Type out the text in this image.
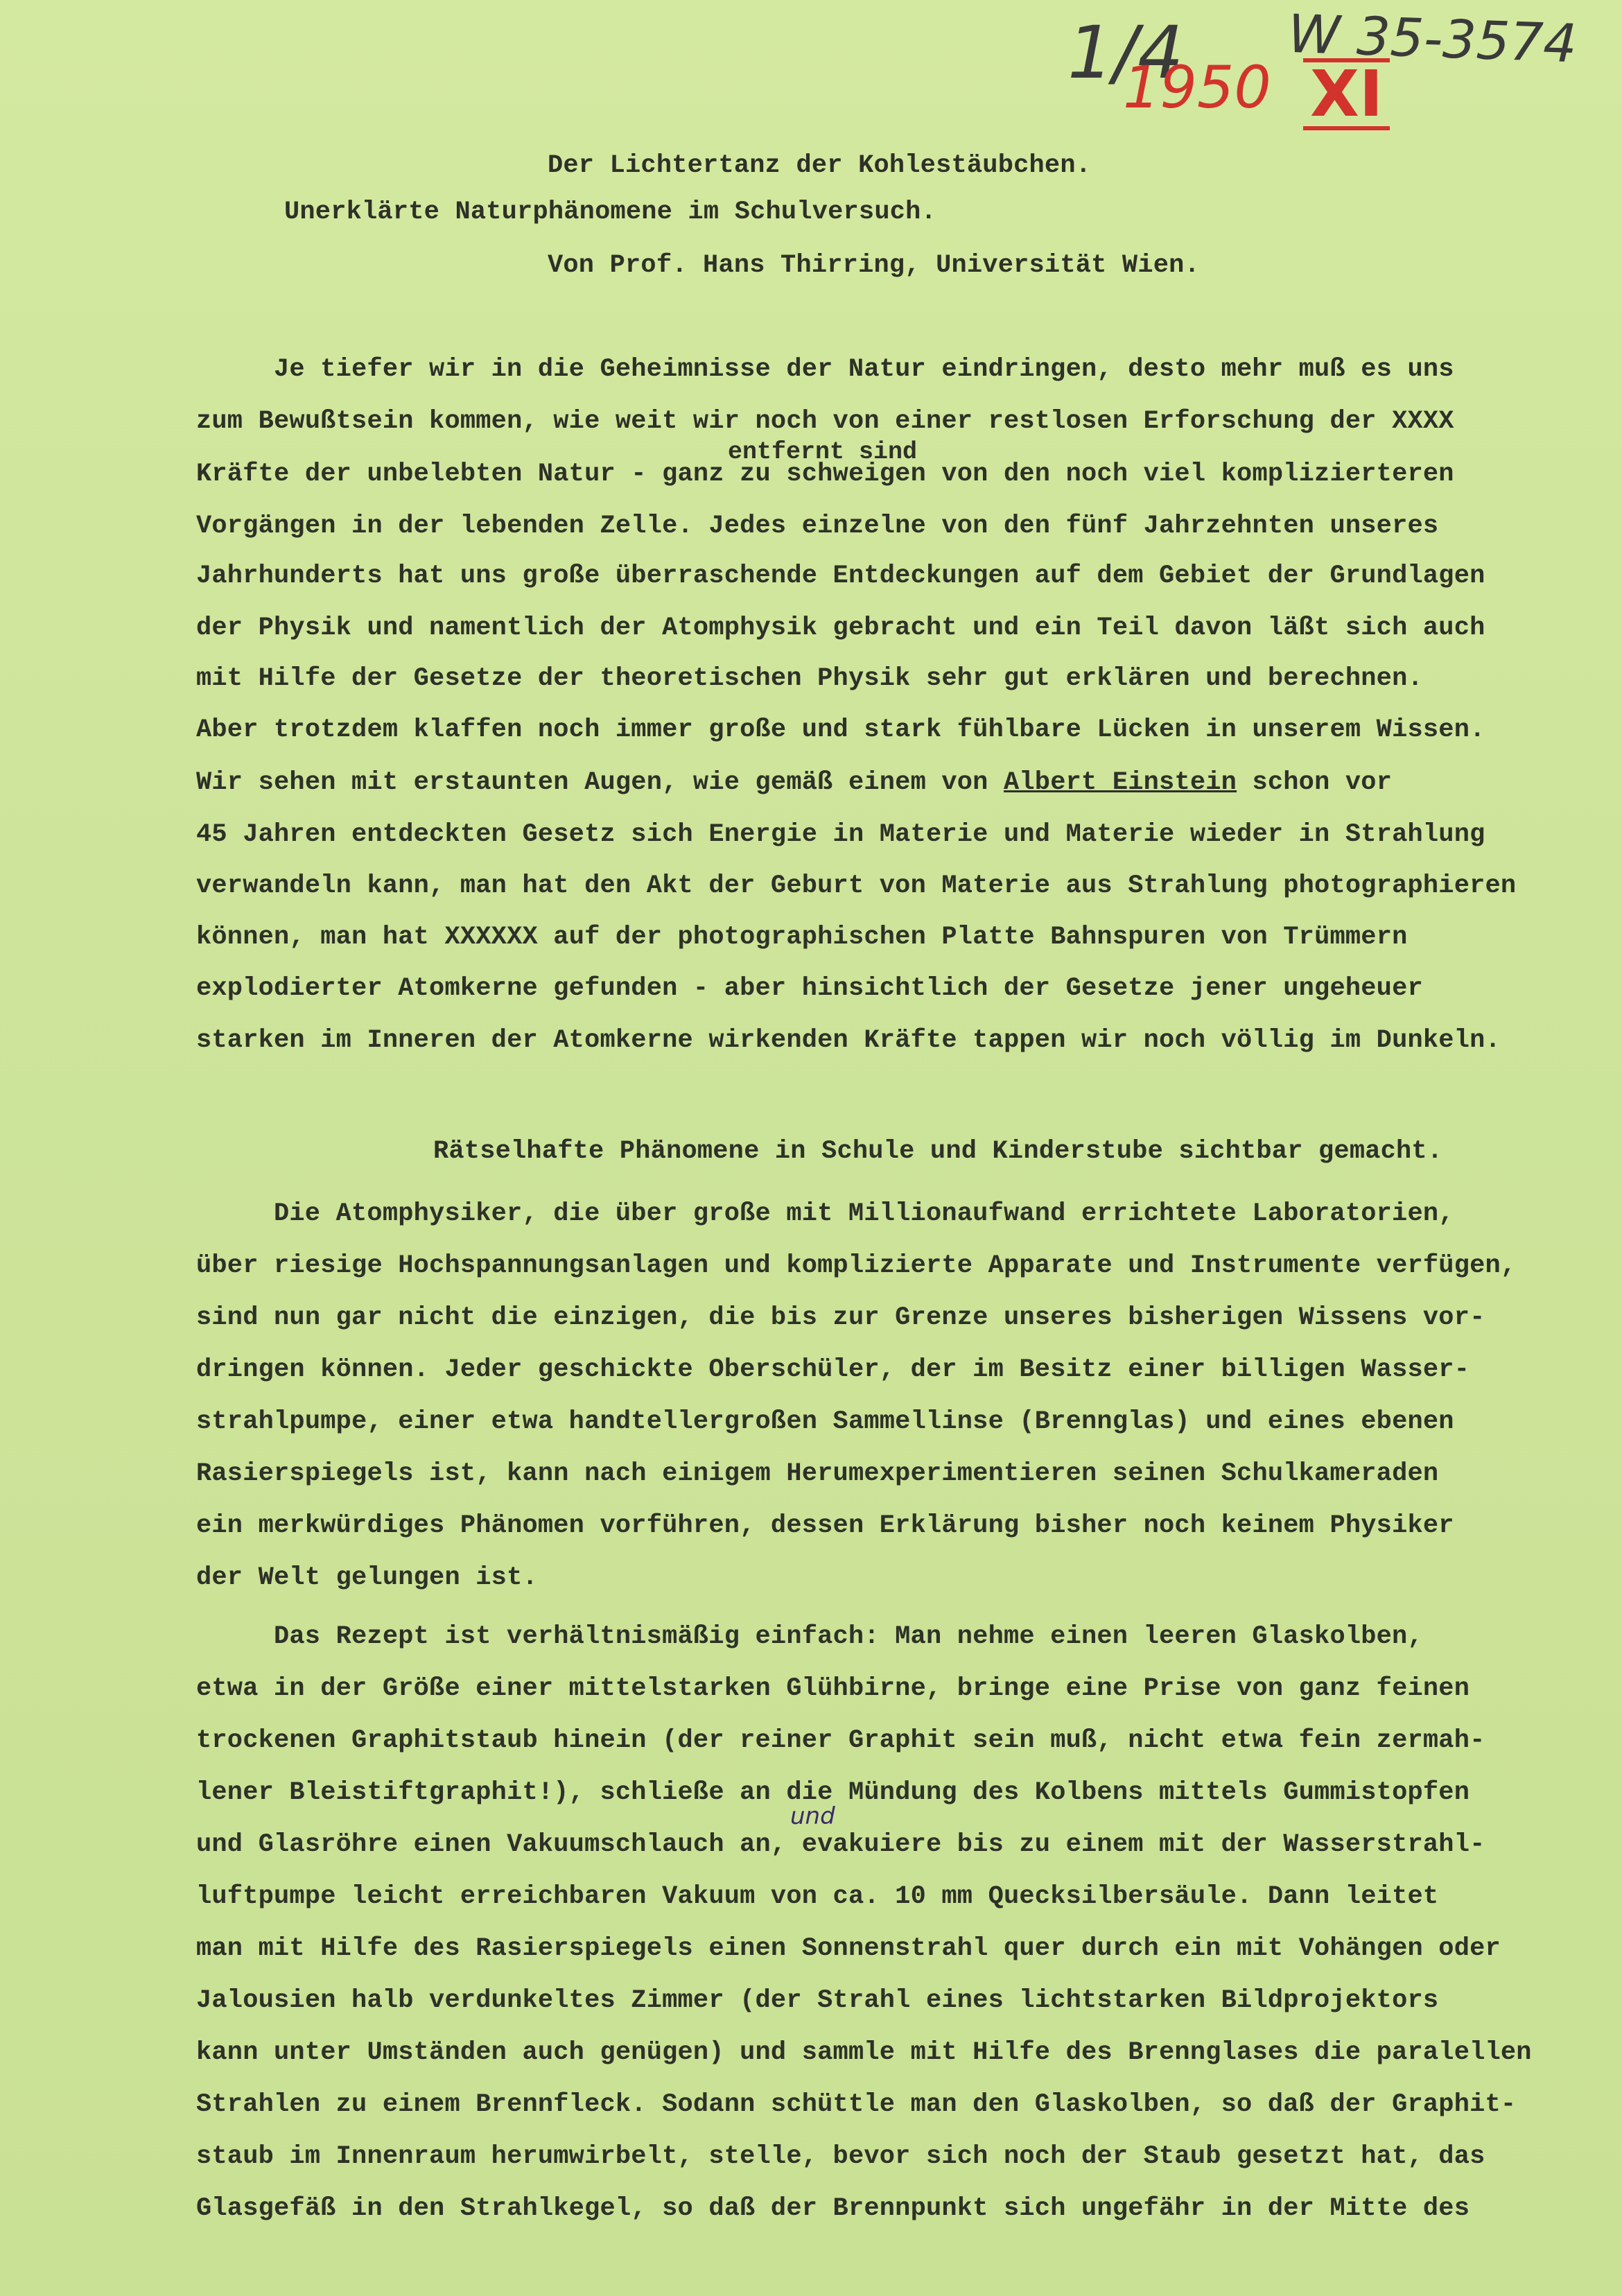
1/4 W 35-3574
1950 XI
Der Lichtertanz der Kohlestäubchen.
Unerklärte Naturphänomene im Schulversuch.
Von Prof. Hans Thirring, Universität Wien.
Je tiefer wir in die Geheimnisse der Natur eindringen, desto mehr muß es uns
zum Bewußtsein kommen, wie weit wir noch von einer restlosen Erforschung der XXXX
entfernt sind
Kräfte der unbelebten Natur - ganz zu schweigen von den noch viel komplizierteren
Vorgängen in der lebenden Zelle. Jedes einzelne von den fünf Jahrzehnten unseres
Jahrhunderts hat uns große überraschende Entdeckungen auf dem Gebiet der Grundlagen
der Physik und namentlich der Atomphysik gebracht und ein Teil davon läßt sich auch
mit Hilfe der Gesetze der theoretischen Physik sehr gut erklären und berechnen.
Aber trotzdem klaffen noch immer große und stark fühlbare Lücken in unserem Wissen.
Wir sehen mit erstaunten Augen, wie gemäß einem von Albert Einstein schon vor
45 Jahren entdeckten Gesetz sich Energie in Materie und Materie wieder in Strahlung
verwandeln kann, man hat den Akt der Geburt von Materie aus Strahlung photographieren
können, man hat XXXXXX auf der photographischen Platte Bahnspuren von Trümmern
explodierter Atomkerne gefunden - aber hinsichtlich der Gesetze jener ungeheuer
starken im Inneren der Atomkerne wirkenden Kräfte tappen wir noch völlig im Dunkeln.
Rätselhafte Phänomene in Schule und Kinderstube sichtbar gemacht.
Die Atomphysiker, die über große mit Millionaufwand errichtete Laboratorien,
über riesige Hochspannungsanlagen und komplizierte Apparate und Instrumente verfügen,
sind nun gar nicht die einzigen, die bis zur Grenze unseres bisherigen Wissens vor-
dringen können. Jeder geschickte Oberschüler, der im Besitz einer billigen Wasser-
strahlpumpe, einer etwa handtellergroßen Sammellinse (Brennglas) und eines ebenen
Rasierspiegels ist, kann nach einigem Herumexperimentieren seinen Schulkameraden
ein merkwürdiges Phänomen vorführen, dessen Erklärung bisher noch keinem Physiker
der Welt gelungen ist.
Das Rezept ist verhältnismäßig einfach: Man nehme einen leeren Glaskolben,
etwa in der Größe einer mittelstarken Glühbirne, bringe eine Prise von ganz feinen
trockenen Graphitstaub hinein (der reiner Graphit sein muß, nicht etwa fein zermah-
lener Bleistiftgraphit!), schließe an die Mündung des Kolbens mittels Gummistopfen
und
und Glasröhre einen Vakuumschlauch an, evakuiere bis zu einem mit der Wasserstrahl-
luftpumpe leicht erreichbaren Vakuum von ca. 10 mm Quecksilbersäule. Dann leitet
man mit Hilfe des Rasierspiegels einen Sonnenstrahl quer durch ein mit Vohängen oder
Jalousien halb verdunkeltes Zimmer (der Strahl eines lichtstarken Bildprojektors
kann unter Umständen auch genügen) und sammle mit Hilfe des Brennglases die paralellen
Strahlen zu einem Brennfleck. Sodann schüttle man den Glaskolben, so daß der Graphit-
staub im Innenraum herumwirbelt, stelle, bevor sich noch der Staub gesetzt hat, das
Glasgefäß in den Strahlkegel, so daß der Brennpunkt sich ungefähr in der Mitte des
